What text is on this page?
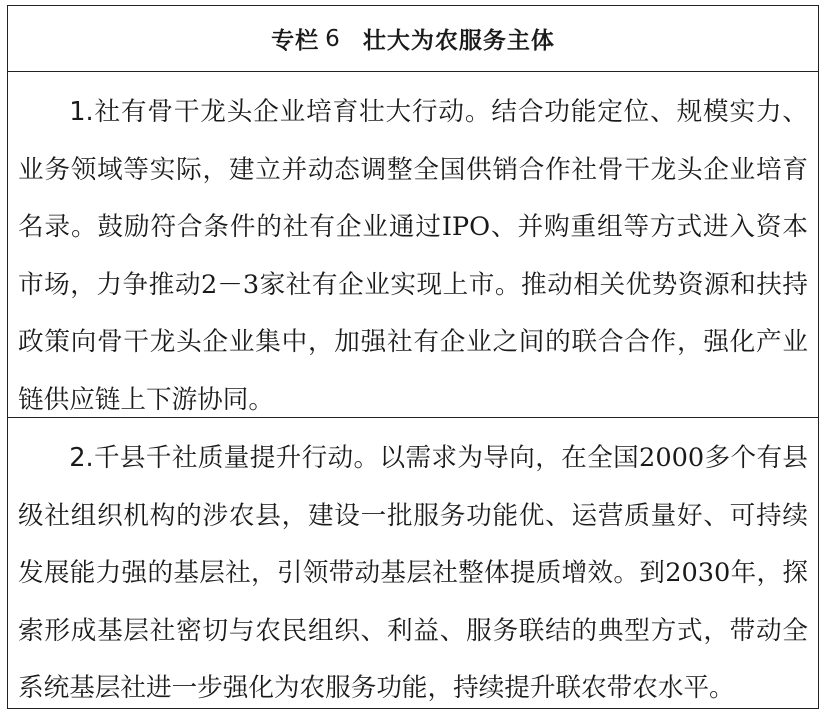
专栏 6 壮大为农服务主体

1.社有骨干龙头企业培育壮大行动。结合功能定位、规模实力、业务领域等实际，建立并动态调整全国供销合作社骨干龙头企业培育名录。鼓励符合条件的社有企业通过IPO、并购重组等方式进入资本市场，力争推动2－3家社有企业实现上市。推动相关优势资源和扶持政策向骨干龙头企业集中，加强社有企业之间的联合合作，强化产业链供应链上下游协同。

2.千县千社质量提升行动。以需求为导向，在全国2000多个有县级社组织机构的涉农县，建设一批服务功能优、运营质量好、可持续发展能力强的基层社，引领带动基层社整体提质增效。到2030年，探索形成基层社密切与农民组织、利益、服务联结的典型方式，带动全系统基层社进一步强化为农服务功能，持续提升联农带农水平。
